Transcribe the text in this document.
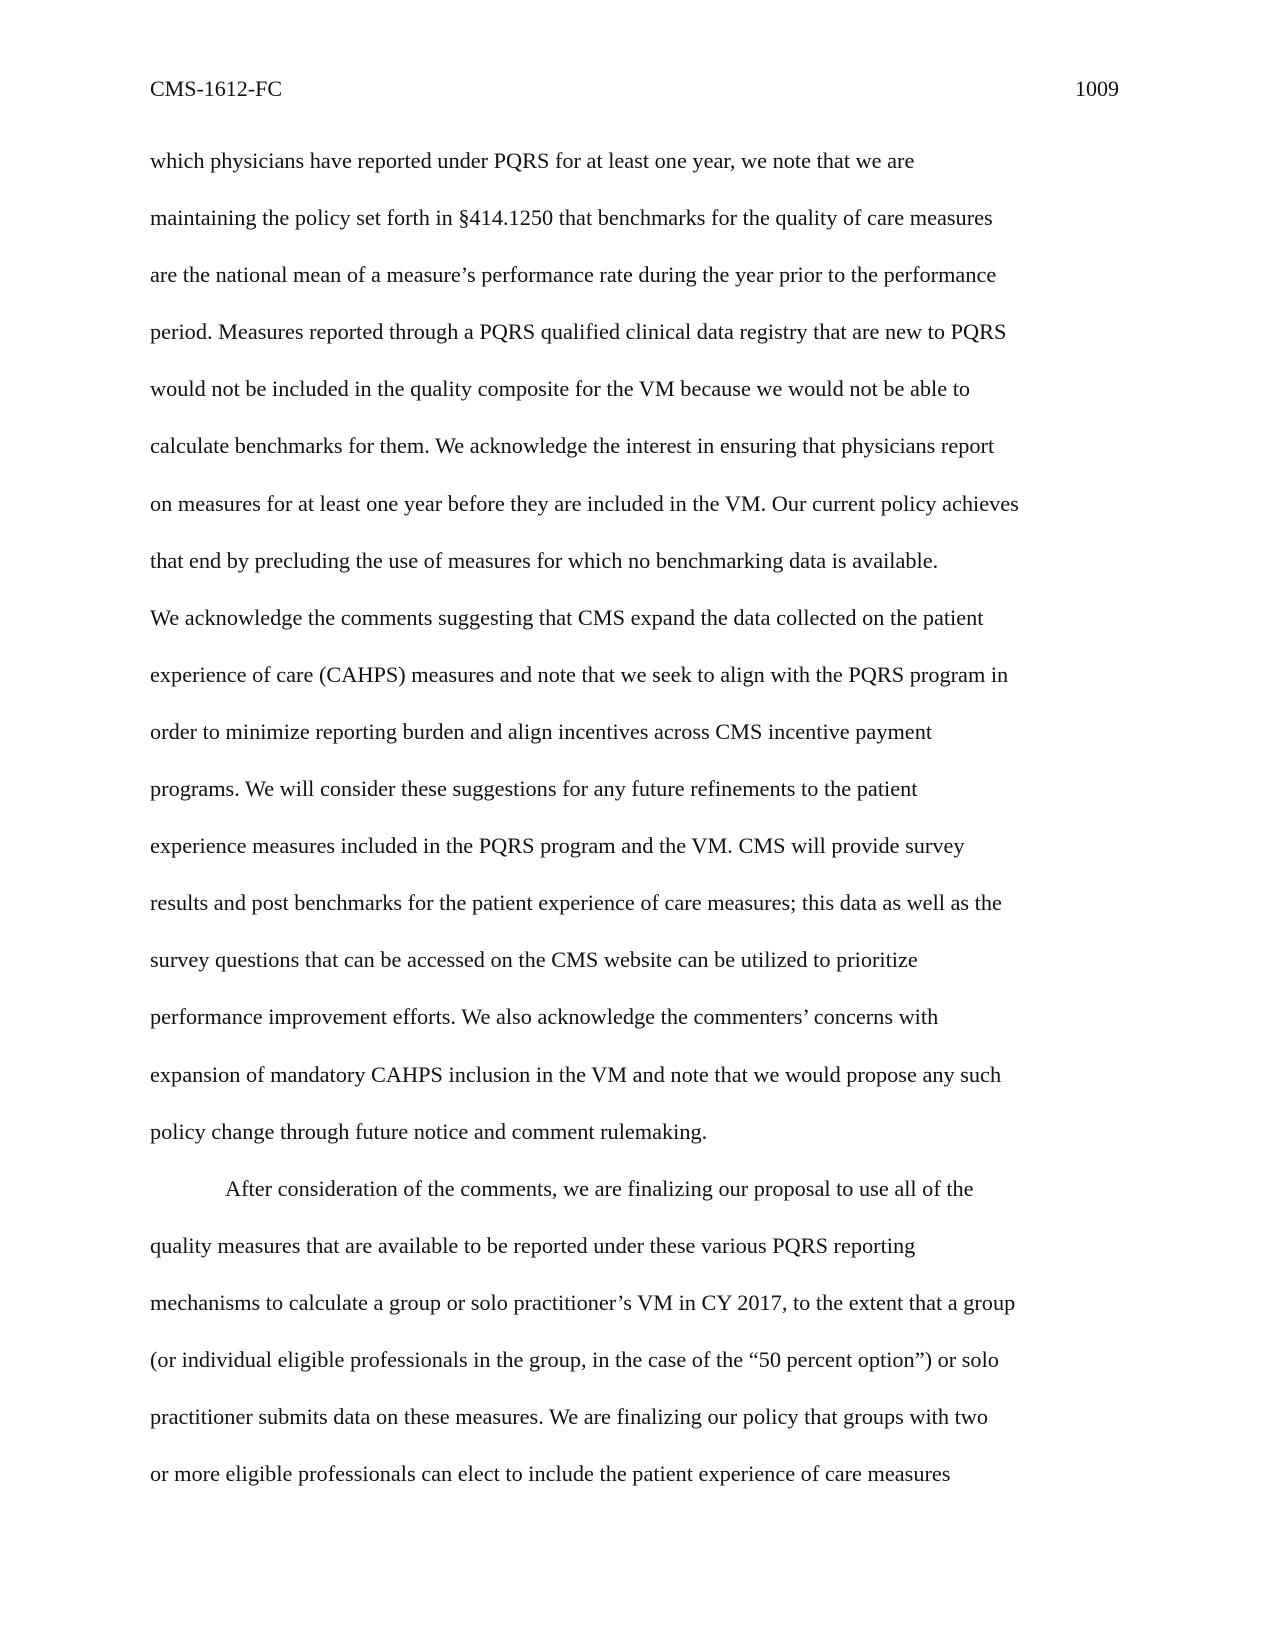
CMS-1612-FC	1009
which physicians have reported under PQRS for at least one year, we note that we are
maintaining the policy set forth in §414.1250 that benchmarks for the quality of care measures
are the national mean of a measure’s performance rate during the year prior to the performance
period. Measures reported through a PQRS qualified clinical data registry that are new to PQRS
would not be included in the quality composite for the VM because we would not be able to
calculate benchmarks for them. We acknowledge the interest in ensuring that physicians report
on measures for at least one year before they are included in the VM. Our current policy achieves
that end by precluding the use of measures for which no benchmarking data is available.
We acknowledge the comments suggesting that CMS expand the data collected on the patient
experience of care (CAHPS) measures and note that we seek to align with the PQRS program in
order to minimize reporting burden and align incentives across CMS incentive payment
programs. We will consider these suggestions for any future refinements to the patient
experience measures included in the PQRS program and the VM. CMS will provide survey
results and post benchmarks for the patient experience of care measures; this data as well as the
survey questions that can be accessed on the CMS website can be utilized to prioritize
performance improvement efforts. We also acknowledge the commenters’ concerns with
expansion of mandatory CAHPS inclusion in the VM and note that we would propose any such
policy change through future notice and comment rulemaking.
After consideration of the comments, we are finalizing our proposal to use all of the
quality measures that are available to be reported under these various PQRS reporting
mechanisms to calculate a group or solo practitioner’s VM in CY 2017, to the extent that a group
(or individual eligible professionals in the group, in the case of the “50 percent option”) or solo
practitioner submits data on these measures. We are finalizing our policy that groups with two
or more eligible professionals can elect to include the patient experience of care measures
